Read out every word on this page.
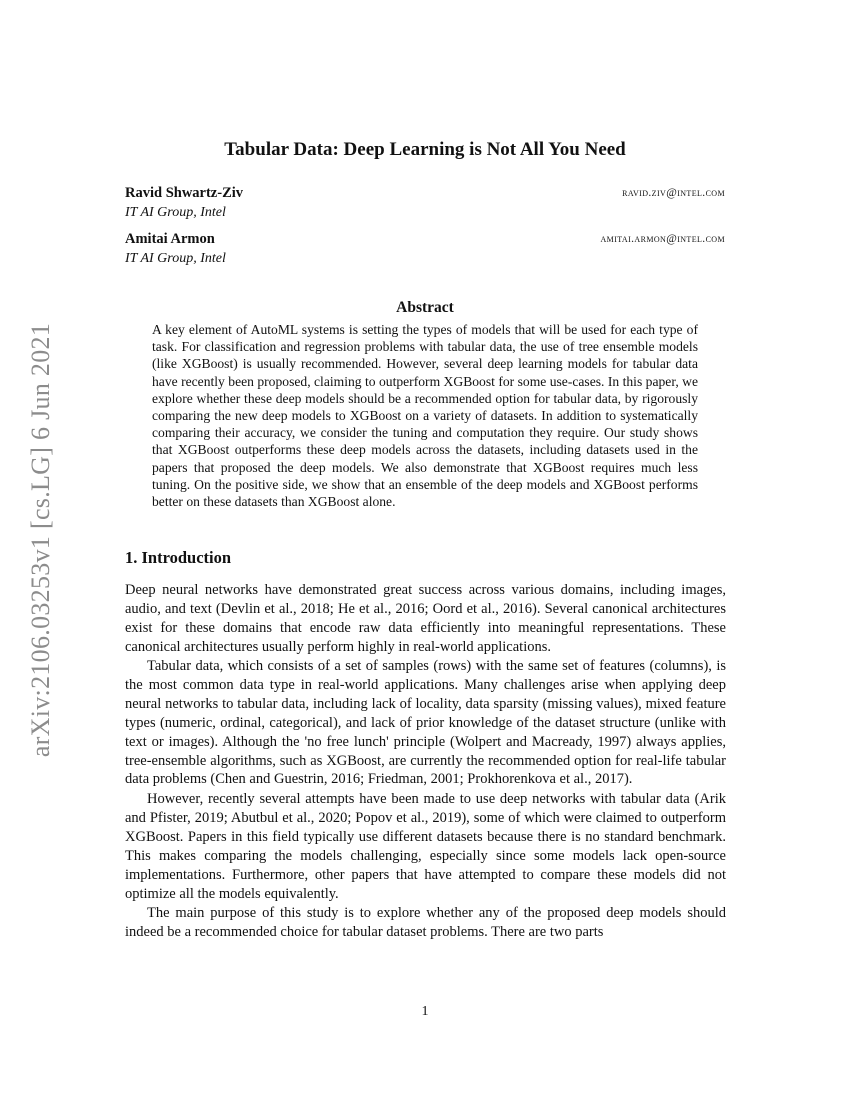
arXiv:2106.03253v1 [cs.LG] 6 Jun 2021
Tabular Data: Deep Learning is Not All You Need
Ravid Shwartz-Ziv
IT AI Group, Intel
ravid.ziv@intel.com
Amitai Armon
IT AI Group, Intel
amitai.armon@intel.com
Abstract

A key element of AutoML systems is setting the types of models that will be used for each type of task. For classification and regression problems with tabular data, the use of tree ensemble models (like XGBoost) is usually recommended. However, several deep learning models for tabular data have recently been proposed, claiming to outperform XGBoost for some use-cases. In this paper, we explore whether these deep models should be a recommended option for tabular data, by rigorously comparing the new deep models to XGBoost on a variety of datasets. In addition to systematically comparing their accuracy, we consider the tuning and computation they require. Our study shows that XGBoost outperforms these deep models across the datasets, including datasets used in the papers that proposed the deep models. We also demonstrate that XGBoost requires much less tuning. On the positive side, we show that an ensemble of the deep models and XGBoost performs better on these datasets than XGBoost alone.

1. Introduction

Deep neural networks have demonstrated great success across various domains, including images, audio, and text (Devlin et al., 2018; He et al., 2016; Oord et al., 2016). Several canonical architectures exist for these domains that encode raw data efficiently into meaningful representations. These canonical architectures usually perform highly in real-world applications.

Tabular data, which consists of a set of samples (rows) with the same set of features (columns), is the most common data type in real-world applications. Many challenges arise when applying deep neural networks to tabular data, including lack of locality, data sparsity (missing values), mixed feature types (numeric, ordinal, categorical), and lack of prior knowledge of the dataset structure (unlike with text or images). Although the 'no free lunch' principle (Wolpert and Macready, 1997) always applies, tree-ensemble algorithms, such as XGBoost, are currently the recommended option for real-life tabular data problems (Chen and Guestrin, 2016; Friedman, 2001; Prokhorenkova et al., 2017).

However, recently several attempts have been made to use deep networks with tabular data (Arik and Pfister, 2019; Abutbul et al., 2020; Popov et al., 2019), some of which were claimed to outperform XGBoost. Papers in this field typically use different datasets because there is no standard benchmark. This makes comparing the models challenging, especially since some models lack open-source implementations. Furthermore, other papers that have attempted to compare these models did not optimize all the models equivalently.

The main purpose of this study is to explore whether any of the proposed deep models should indeed be a recommended choice for tabular dataset problems. There are two parts

1
